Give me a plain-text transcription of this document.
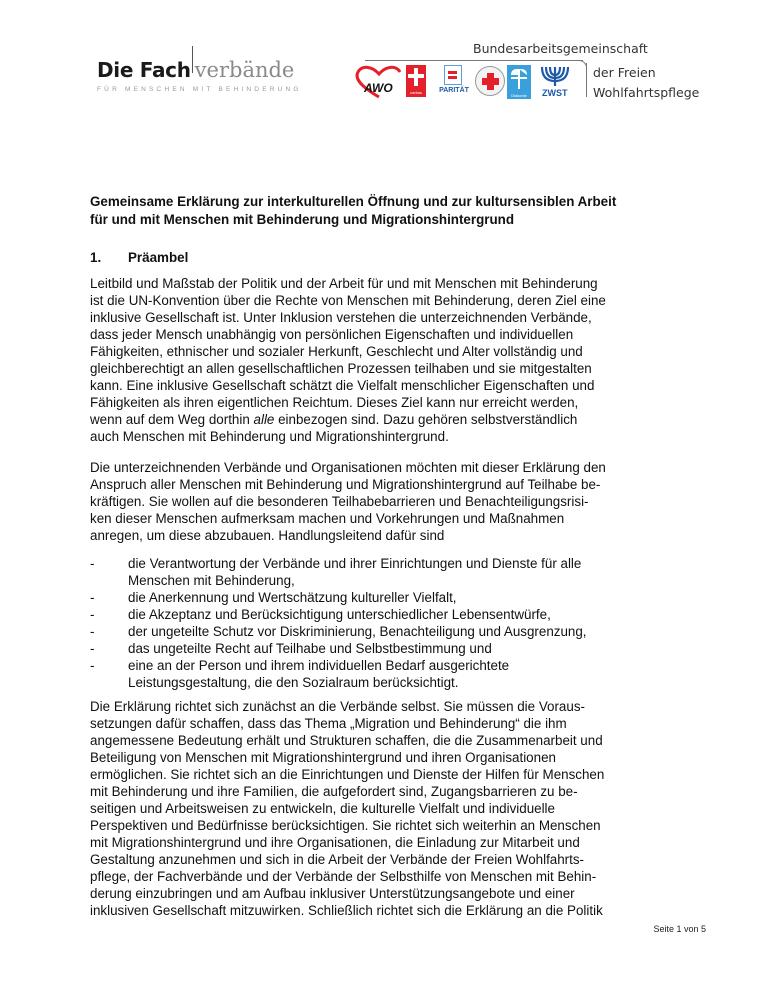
Die Fach verbände
FÜR MENSCHEN MIT BEHINDERUNG
Bundesarbeitsgemeinschaft
der Freien
Wohlfahrtspflege
AWO	caritas	PARITÄT
Diakonie	ZWST
Gemeinsame Erklärung zur interkulturellen Öffnung und zur kultursensiblen Arbeit
für und mit Menschen mit Behinderung und Migrationshintergrund
1. Präambel

Leitbild und Maßstab der Politik und der Arbeit für und mit Menschen mit Behinderung
ist die UN-Konvention über die Rechte von Menschen mit Behinderung, deren Ziel eine
inklusive Gesellschaft ist. Unter Inklusion verstehen die unterzeichnenden Verbände,
dass jeder Mensch unabhängig von persönlichen Eigenschaften und individuellen
Fähigkeiten, ethnischer und sozialer Herkunft, Geschlecht und Alter vollständig und
gleichberechtigt an allen gesellschaftlichen Prozessen teilhaben und sie mitgestalten
kann. Eine inklusive Gesellschaft schätzt die Vielfalt menschlicher Eigenschaften und
Fähigkeiten als ihren eigentlichen Reichtum. Dieses Ziel kann nur erreicht werden,
wenn auf dem Weg dorthin alle einbezogen sind. Dazu gehören selbstverständlich
auch Menschen mit Behinderung und Migrationshintergrund.

Die unterzeichnenden Verbände und Organisationen möchten mit dieser Erklärung den
Anspruch aller Menschen mit Behinderung und Migrationshintergrund auf Teilhabe be-
kräftigen. Sie wollen auf die besonderen Teilhabebarrieren und Benachteiligungsrisi-
ken dieser Menschen aufmerksam machen und Vorkehrungen und Maßnahmen
anregen, um diese abzubauen. Handlungsleitend dafür sind

-	die Verantwortung der Verbände und ihrer Einrichtungen und Dienste für alle
Menschen mit Behinderung,
-	die Anerkennung und Wertschätzung kultureller Vielfalt,
-	die Akzeptanz und Berücksichtigung unterschiedlicher Lebensentwürfe,
-	der ungeteilte Schutz vor Diskriminierung, Benachteiligung und Ausgrenzung,
-	das ungeteilte Recht auf Teilhabe und Selbstbestimmung und
-	eine an der Person und ihrem individuellen Bedarf ausgerichtete
Leistungsgestaltung, die den Sozialraum berücksichtigt.

Die Erklärung richtet sich zunächst an die Verbände selbst. Sie müssen die Voraus-
setzungen dafür schaffen, dass das Thema „Migration und Behinderung“ die ihm
angemessene Bedeutung erhält und Strukturen schaffen, die die Zusammenarbeit und
Beteiligung von Menschen mit Migrationshintergrund und ihren Organisationen
ermöglichen. Sie richtet sich an die Einrichtungen und Dienste der Hilfen für Menschen
mit Behinderung und ihre Familien, die aufgefordert sind, Zugangsbarrieren zu be-
seitigen und Arbeitsweisen zu entwickeln, die kulturelle Vielfalt und individuelle
Perspektiven und Bedürfnisse berücksichtigen. Sie richtet sich weiterhin an Menschen
mit Migrationshintergrund und ihre Organisationen, die Einladung zur Mitarbeit und
Gestaltung anzunehmen und sich in die Arbeit der Verbände der Freien Wohlfahrts-
pflege, der Fachverbände und der Verbände der Selbsthilfe von Menschen mit Behin-
derung einzubringen und am Aufbau inklusiver Unterstützungsangebote und einer
inklusiven Gesellschaft mitzuwirken. Schließlich richtet sich die Erklärung an die Politik

Seite 1 von 5
